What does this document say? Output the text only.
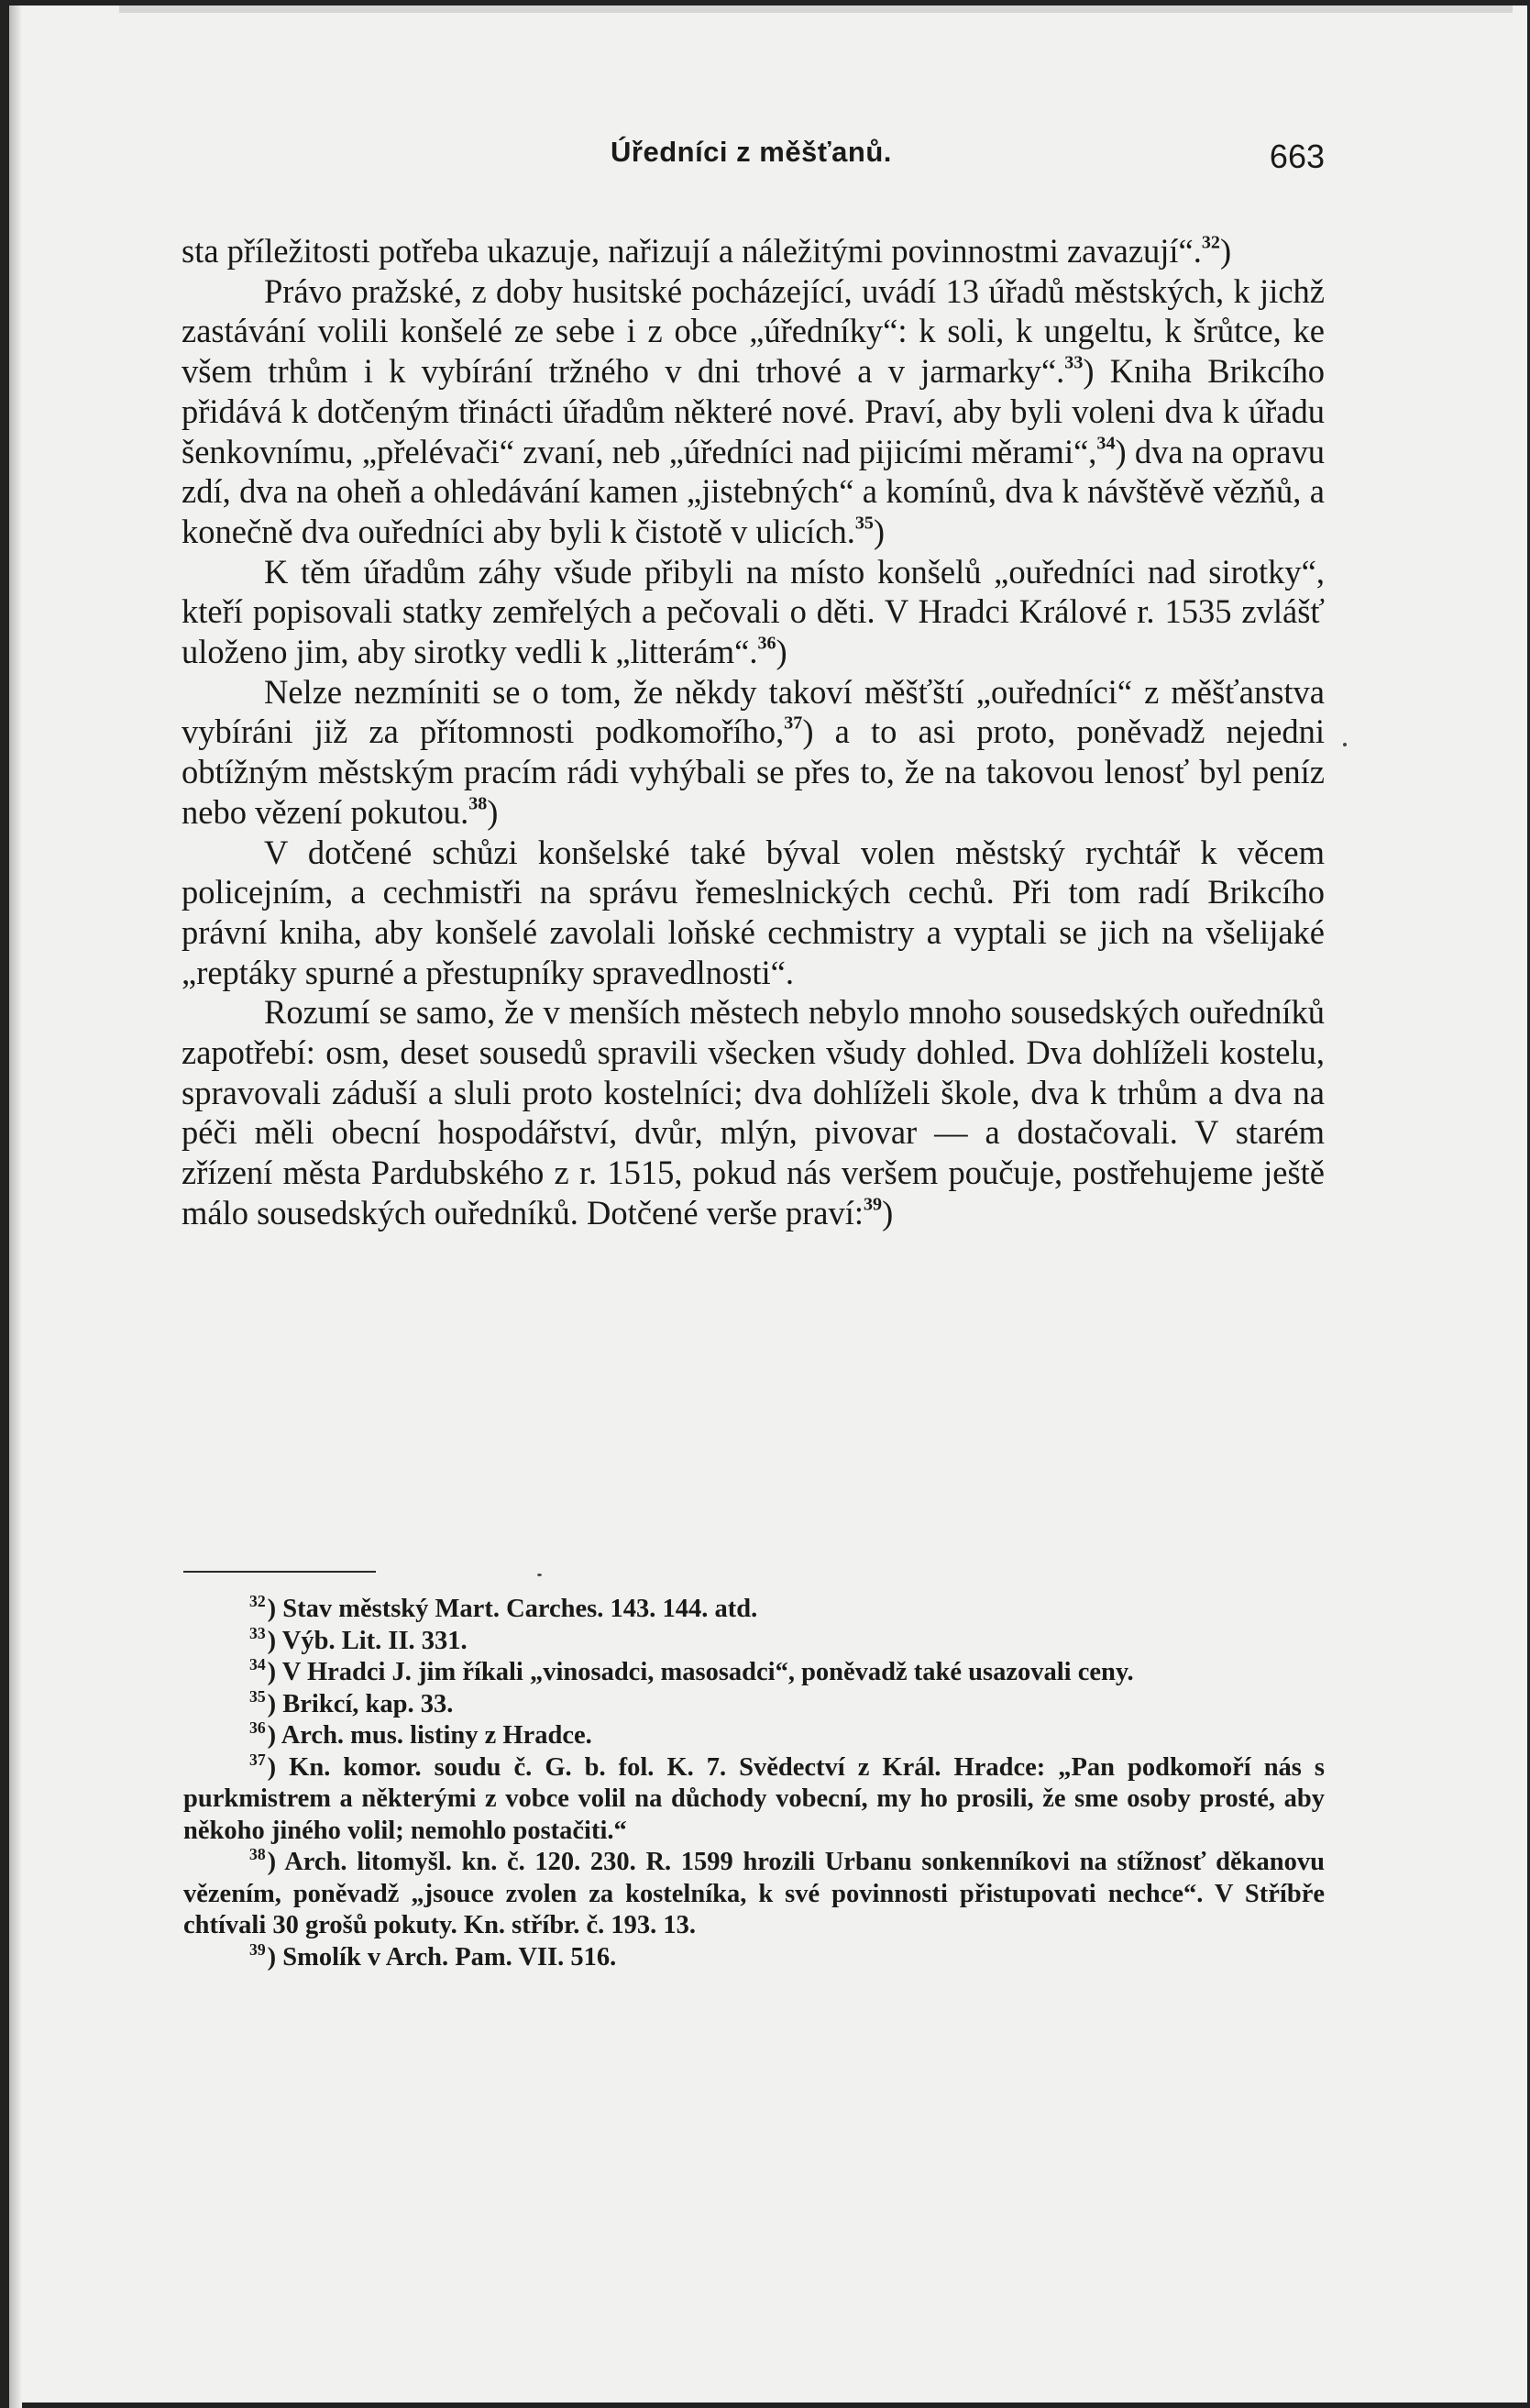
Úředníci z měšťanů.	663

sta příležitosti potřeba ukazuje, nařizují a náležitými povinnostmi zavazují“.$^{32}$)

Právo pražské, z doby husitské pocházející, uvádí 13 úřadů městských, k jichž zastávání volili konšelé ze sebe i z obce „úředníky“: k soli, k ungeltu, k šrůtce, ke všem trhům i k vybírání tržného v dni trhové a v jarmarky“.$^{33}$) Kniha Brikcího přidává k dotčeným třinácti úřadům některé nové. Praví, aby byli voleni dva k úřadu šenkovnímu, „přelévači“ zvaní, neb „úředníci nad pijicími měrami“,$^{34}$) dva na opravu zdí, dva na oheň a ohledávání kamen „jistebných“ a komínů, dva k návštěvě vězňů, a konečně dva ouředníci aby byli k čistotě v ulicích.$^{35}$)

K těm úřadům záhy všude přibyli na místo konšelů „ouředníci nad sirotky“, kteří popisovali statky zemřelých a pečovali o děti. V Hradci Králové r. 1535 zvlášť uloženo jim, aby sirotky vedli k „litterám“.$^{36}$)

Nelze nezmíniti se o tom, že někdy takoví měšťští „ouředníci“ z měšťanstva vybíráni již za přítomnosti podkomořího,$^{37}$) a to asi proto, poněvadž nejedni obtížným městským pracím rádi vyhýbali se přes to, že na takovou lenosť byl peníz nebo vězení pokutou.$^{38}$)

V dotčené schůzi konšelské také býval volen městský rychtář k věcem policejním, a cechmistři na správu řemeslnických cechů. Při tom radí Brikcího právní kniha, aby konšelé zavolali loňské cechmistry a vyptali se jich na všelijaké „reptáky spurné a přestupníky spravedlnosti“.

Rozumí se samo, že v menších městech nebylo mnoho sousedských ouředníků zapotřebí: osm, deset sousedů spravili všecken všudy dohled. Dva dohlíželi kostelu, spravovali záduší a sluli proto kostelníci; dva dohlíželi škole, dva k trhům a dva na péči měli obecní hospodářství, dvůr, mlýn, pivovar — a dostačovali. V starém zřízení města Pardubského z r. 1515, pokud nás veršem poučuje, postřehujeme ještě málo sousedských ouředníků. Dotčené verše praví:$^{39}$)

$^{32}$) Stav městský Mart. Carches. 143. 144. atd.

$^{33}$) Výb. Lit. II. 331.

$^{34}$) V Hradci J. jim říkali „vinosadci, masosadci“, poněvadž také usazovali ceny.

$^{35}$) Brikcí, kap. 33.

$^{36}$) Arch. mus. listiny z Hradce.

$^{37}$) Kn. komor. soudu č. G. b. fol. K. 7. Svědectví z Král. Hradce: „Pan podkomoří nás s purkmistrem a některými z vobce volil na důchody vobecní, my ho prosili, že sme osoby prosté, aby někoho jiného volil; nemohlo postačiti.“

$^{38}$) Arch. litomyšl. kn. č. 120. 230. R. 1599 hrozili Urbanu sonkenníkovi na stížnosť děkanovu vězením, poněvadž „jsouce zvolen za kostelníka, k své povinnosti přistupovati nechce“. V Stříbře chtívali 30 grošů pokuty. Kn. stříbr. č. 193. 13.

$^{39}$) Smolík v Arch. Pam. VII. 516.
